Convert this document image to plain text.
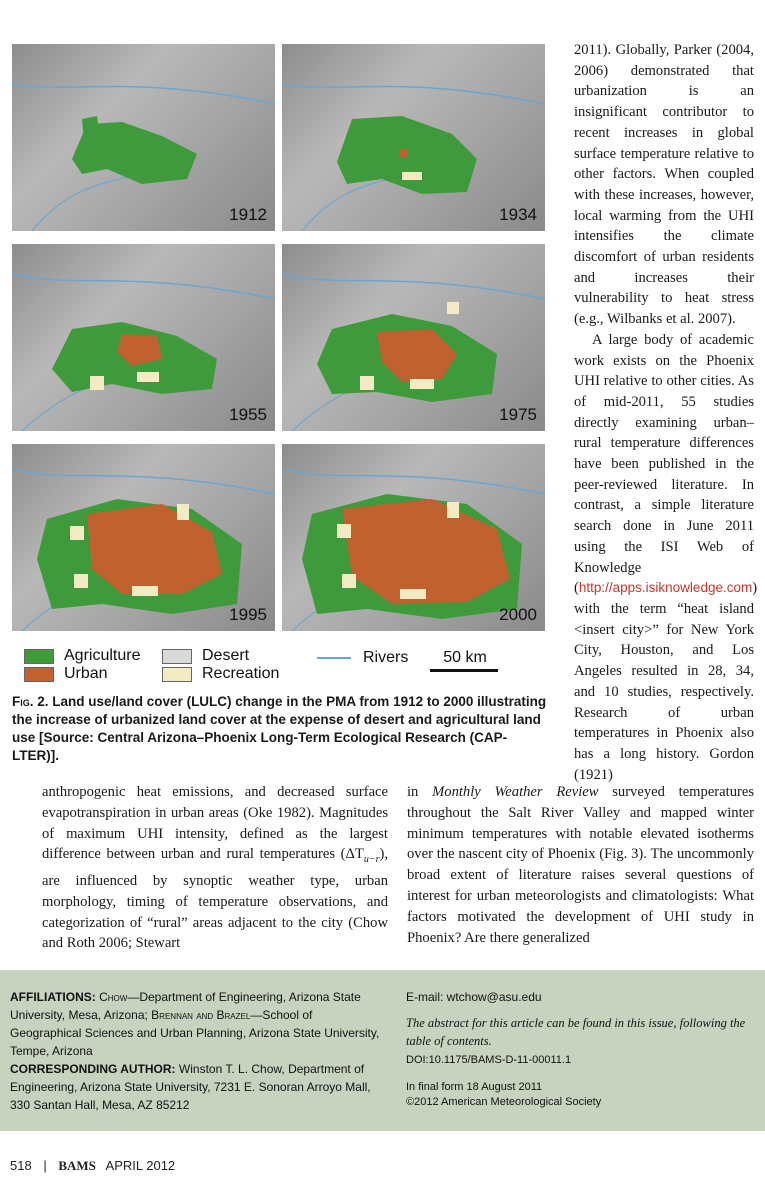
1912	1934
1955	1975
1995	2000
Agriculture
Urban
Desert
Recreation
Rivers	50 km
Fig. 2. Land use/land cover (LULC) change in the PMA from 1912 to 2000 illustrating the increase of urbanized land cover at the expense of desert and agricultural land use [Source: Central Arizona–Phoenix Long-Term Ecological Research (CAP-LTER)].

2011). Globally, Parker (2004, 2006) demonstrated that urbanization is an insignificant contributor to recent increases in global surface temperature relative to other factors. When coupled with these increases, however, local warming from the UHI intensifies the climate discomfort of urban residents and increases their vulnerability to heat stress (e.g., Wilbanks et al. 2007).

A large body of academic work exists on the Phoenix UHI relative to other cities. As of mid-2011, 55 studies directly examining urban–rural temperature differences have been published in the peer-reviewed literature. In contrast, a simple literature search done in June 2011 using the ISI Web of Knowledge (http://apps.isiknowledge.com) with the term “heat island <insert city>” for New York City, Houston, and Los Angeles resulted in 28, 34, and 10 studies, respectively. Research of urban temperatures in Phoenix also has a long history. Gordon (1921)

anthropogenic heat emissions, and decreased surface evapotranspiration in urban areas (Oke 1982). Magnitudes of maximum UHI intensity, defined as the largest difference between urban and rural temperatures $(\Delta T_{u-r})$, are influenced by synoptic weather type, urban morphology, timing of temperature observations, and categorization of “rural” areas adjacent to the city (Chow and Roth 2006; Stewart

in Monthly Weather Review surveyed temperatures throughout the Salt River Valley and mapped winter minimum temperatures with notable elevated isotherms over the nascent city of Phoenix (Fig. 3). The uncommonly broad extent of literature raises several questions of interest for urban meteorologists and climatologists: What factors motivated the development of UHI study in Phoenix? Are there generalized

AFFILIATIONS: Chow—Department of Engineering, Arizona State University, Mesa, Arizona; Brennan and Brazel—School of Geographical Sciences and Urban Planning, Arizona State University, Tempe, Arizona

CORRESPONDING AUTHOR: Winston T. L. Chow, Department of Engineering, Arizona State University, 7231 E. Sonoran Arroyo Mall, 330 Santan Hall, Mesa, AZ 85212

E-mail: wtchow@asu.edu

The abstract for this article can be found in this issue, following the table of contents.

DOI:10.1175/BAMS-D-11-00011.1

In final form 18 August 2011

©2012 American Meteorological Society

518 | BAMS APRIL 2012
